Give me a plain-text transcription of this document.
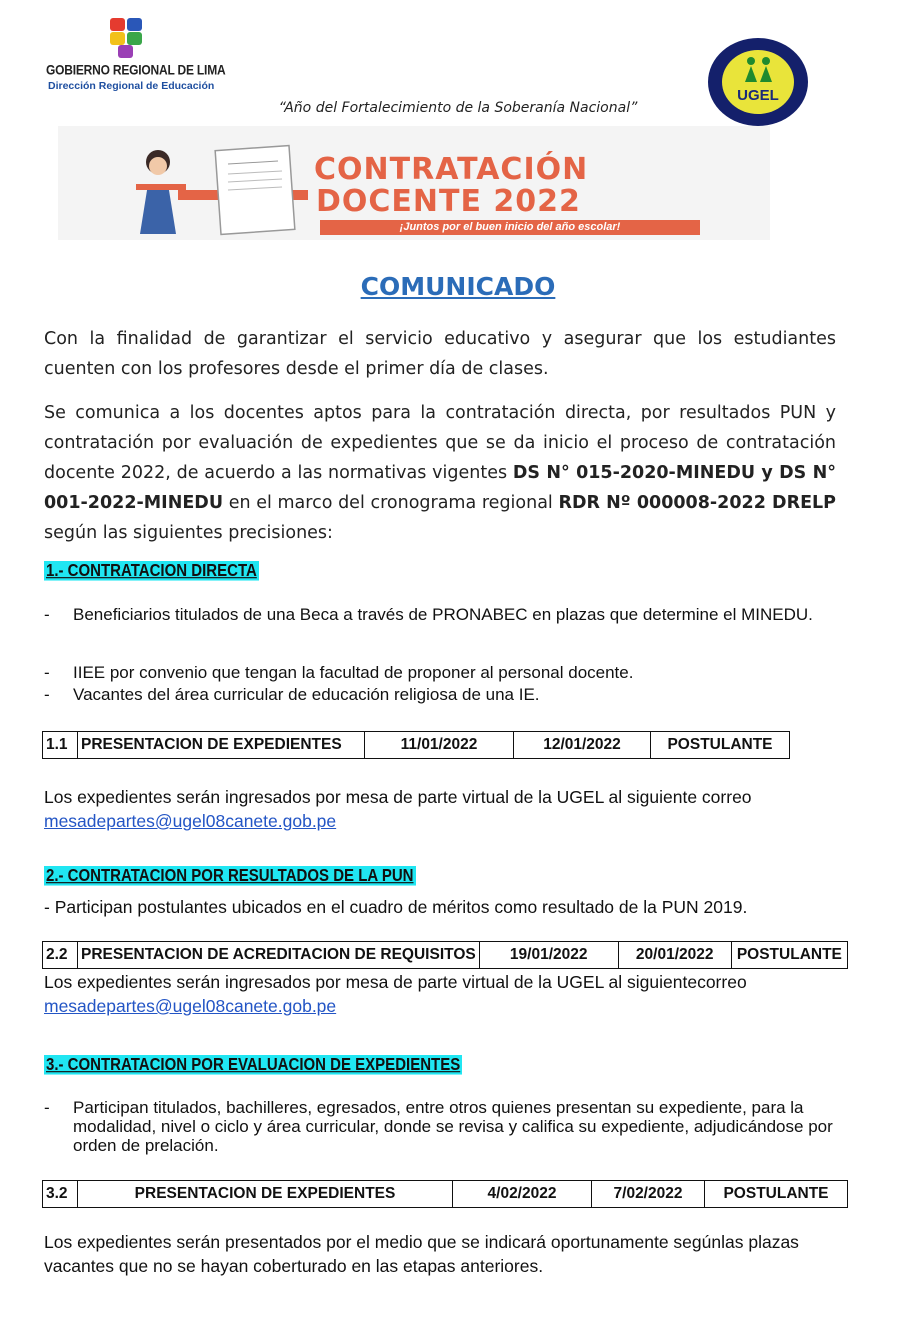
GOBIERNO REGIONAL DE LIMA
Dirección Regional de Educación
UGEL
“Año del Fortalecimiento de la Soberanía Nacional”
CONTRATACIÓN
DOCENTE 2022
¡Juntos por el buen inicio del año escolar!
COMUNICADO
Con la finalidad de garantizar el servicio educativo y asegurar que los estudiantes cuenten con los profesores desde el primer día de clases.
Se comunica a los docentes aptos para la contratación directa, por resultados PUN y contratación por evaluación de expedientes que se da inicio el proceso de contratación docente 2022, de acuerdo a las normativas vigentes DS N° 015-2020-MINEDU y DS N° 001-2022-MINEDU en el marco del cronograma regional RDR Nº 000008-2022 DRELP según las siguientes precisiones:
1.- CONTRATACION DIRECTA
- Beneficiarios titulados de una Beca a través de PRONABEC en plazas que determine el MINEDU.
- IIEE por convenio que tengan la facultad de proponer al personal docente.
- Vacantes del área curricular de educación religiosa de una IE.
1.1	PRESENTACION DE EXPEDIENTES	11/01/2022	12/01/2022	POSTULANTE
Los expedientes serán ingresados por mesa de parte virtual de la UGEL al siguiente correo
mesadepartes@ugel08canete.gob.pe
2.- CONTRATACION POR RESULTADOS DE LA PUN
- Participan postulantes ubicados en el cuadro de méritos como resultado de la PUN 2019.
2.2	PRESENTACION DE ACREDITACION DE REQUISITOS	19/01/2022	20/01/2022	POSTULANTE
Los expedientes serán ingresados por mesa de parte virtual de la UGEL al siguientecorreo
mesadepartes@ugel08canete.gob.pe
3.- CONTRATACION POR EVALUACION DE EXPEDIENTES
- Participan titulados, bachilleres, egresados, entre otros quienes presentan su expediente, para la modalidad, nivel o ciclo y área curricular, donde se revisa y califica su expediente, adjudicándose por orden de prelación.
3.2	PRESENTACION DE EXPEDIENTES	4/02/2022	7/02/2022	POSTULANTE
Los expedientes serán presentados por el medio que se indicará oportunamente segúnlas plazas vacantes que no se hayan coberturado en las etapas anteriores.
